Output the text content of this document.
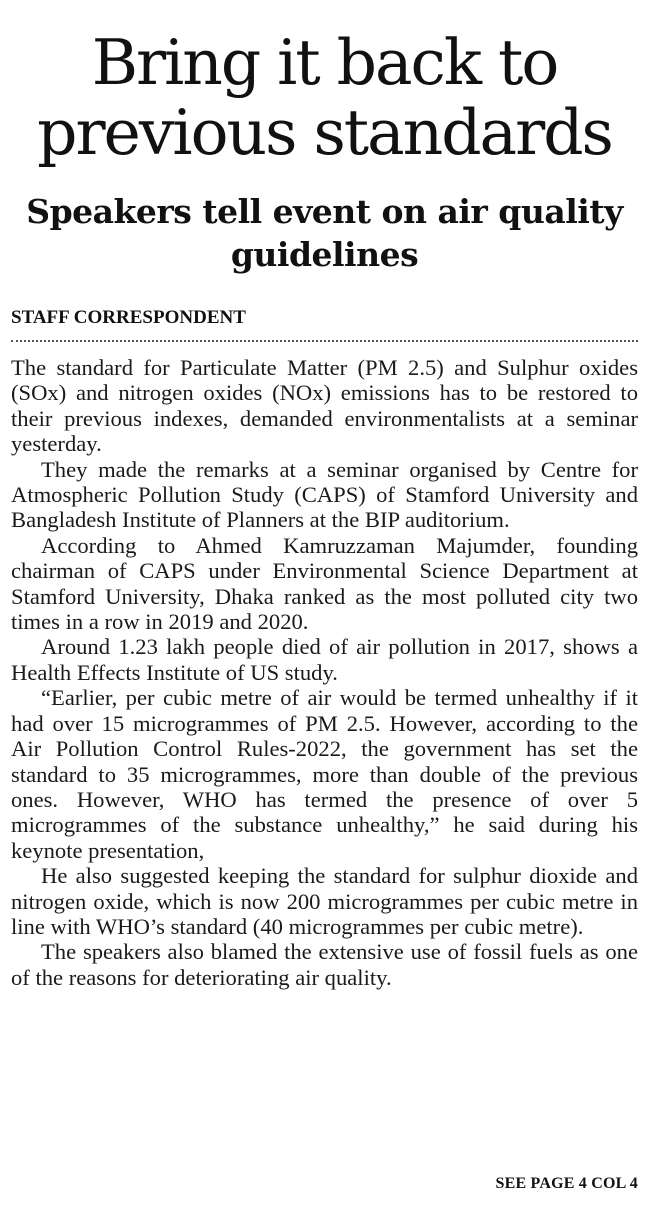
Bring it back to previous standards
Speakers tell event on air quality guidelines
STAFF CORRESPONDENT

The standard for Particulate Matter (PM 2.5) and Sulphur oxides (SOx) and nitrogen oxides (NOx) emissions has to be restored to their previous indexes, demanded environmentalists at a seminar yesterday.

They made the remarks at a seminar organised by Centre for Atmospheric Pollution Study (CAPS) of Stamford University and Bangladesh Institute of Planners at the BIP auditorium.

According to Ahmed Kamruzzaman Majumder, founding chairman of CAPS under Environmental Science Department at Stamford University, Dhaka ranked as the most polluted city two times in a row in 2019 and 2020.

Around 1.23 lakh people died of air pollution in 2017, shows a Health Effects Institute of US study.

“Earlier, per cubic metre of air would be termed unhealthy if it had over 15 microgrammes of PM 2.5. However, according to the Air Pollution Control Rules-2022, the government has set the standard to 35 microgrammes, more than double of the previous ones. However, WHO has termed the presence of over 5 microgrammes of the substance unhealthy,” he said during his keynote presentation,

He also suggested keeping the standard for sulphur dioxide and nitrogen oxide, which is now 200 microgrammes per cubic metre in line with WHO’s standard (40 microgrammes per cubic metre).

The speakers also blamed the extensive use of fossil fuels as one of the reasons for deteriorating air quality.

SEE PAGE 4 COL 4
